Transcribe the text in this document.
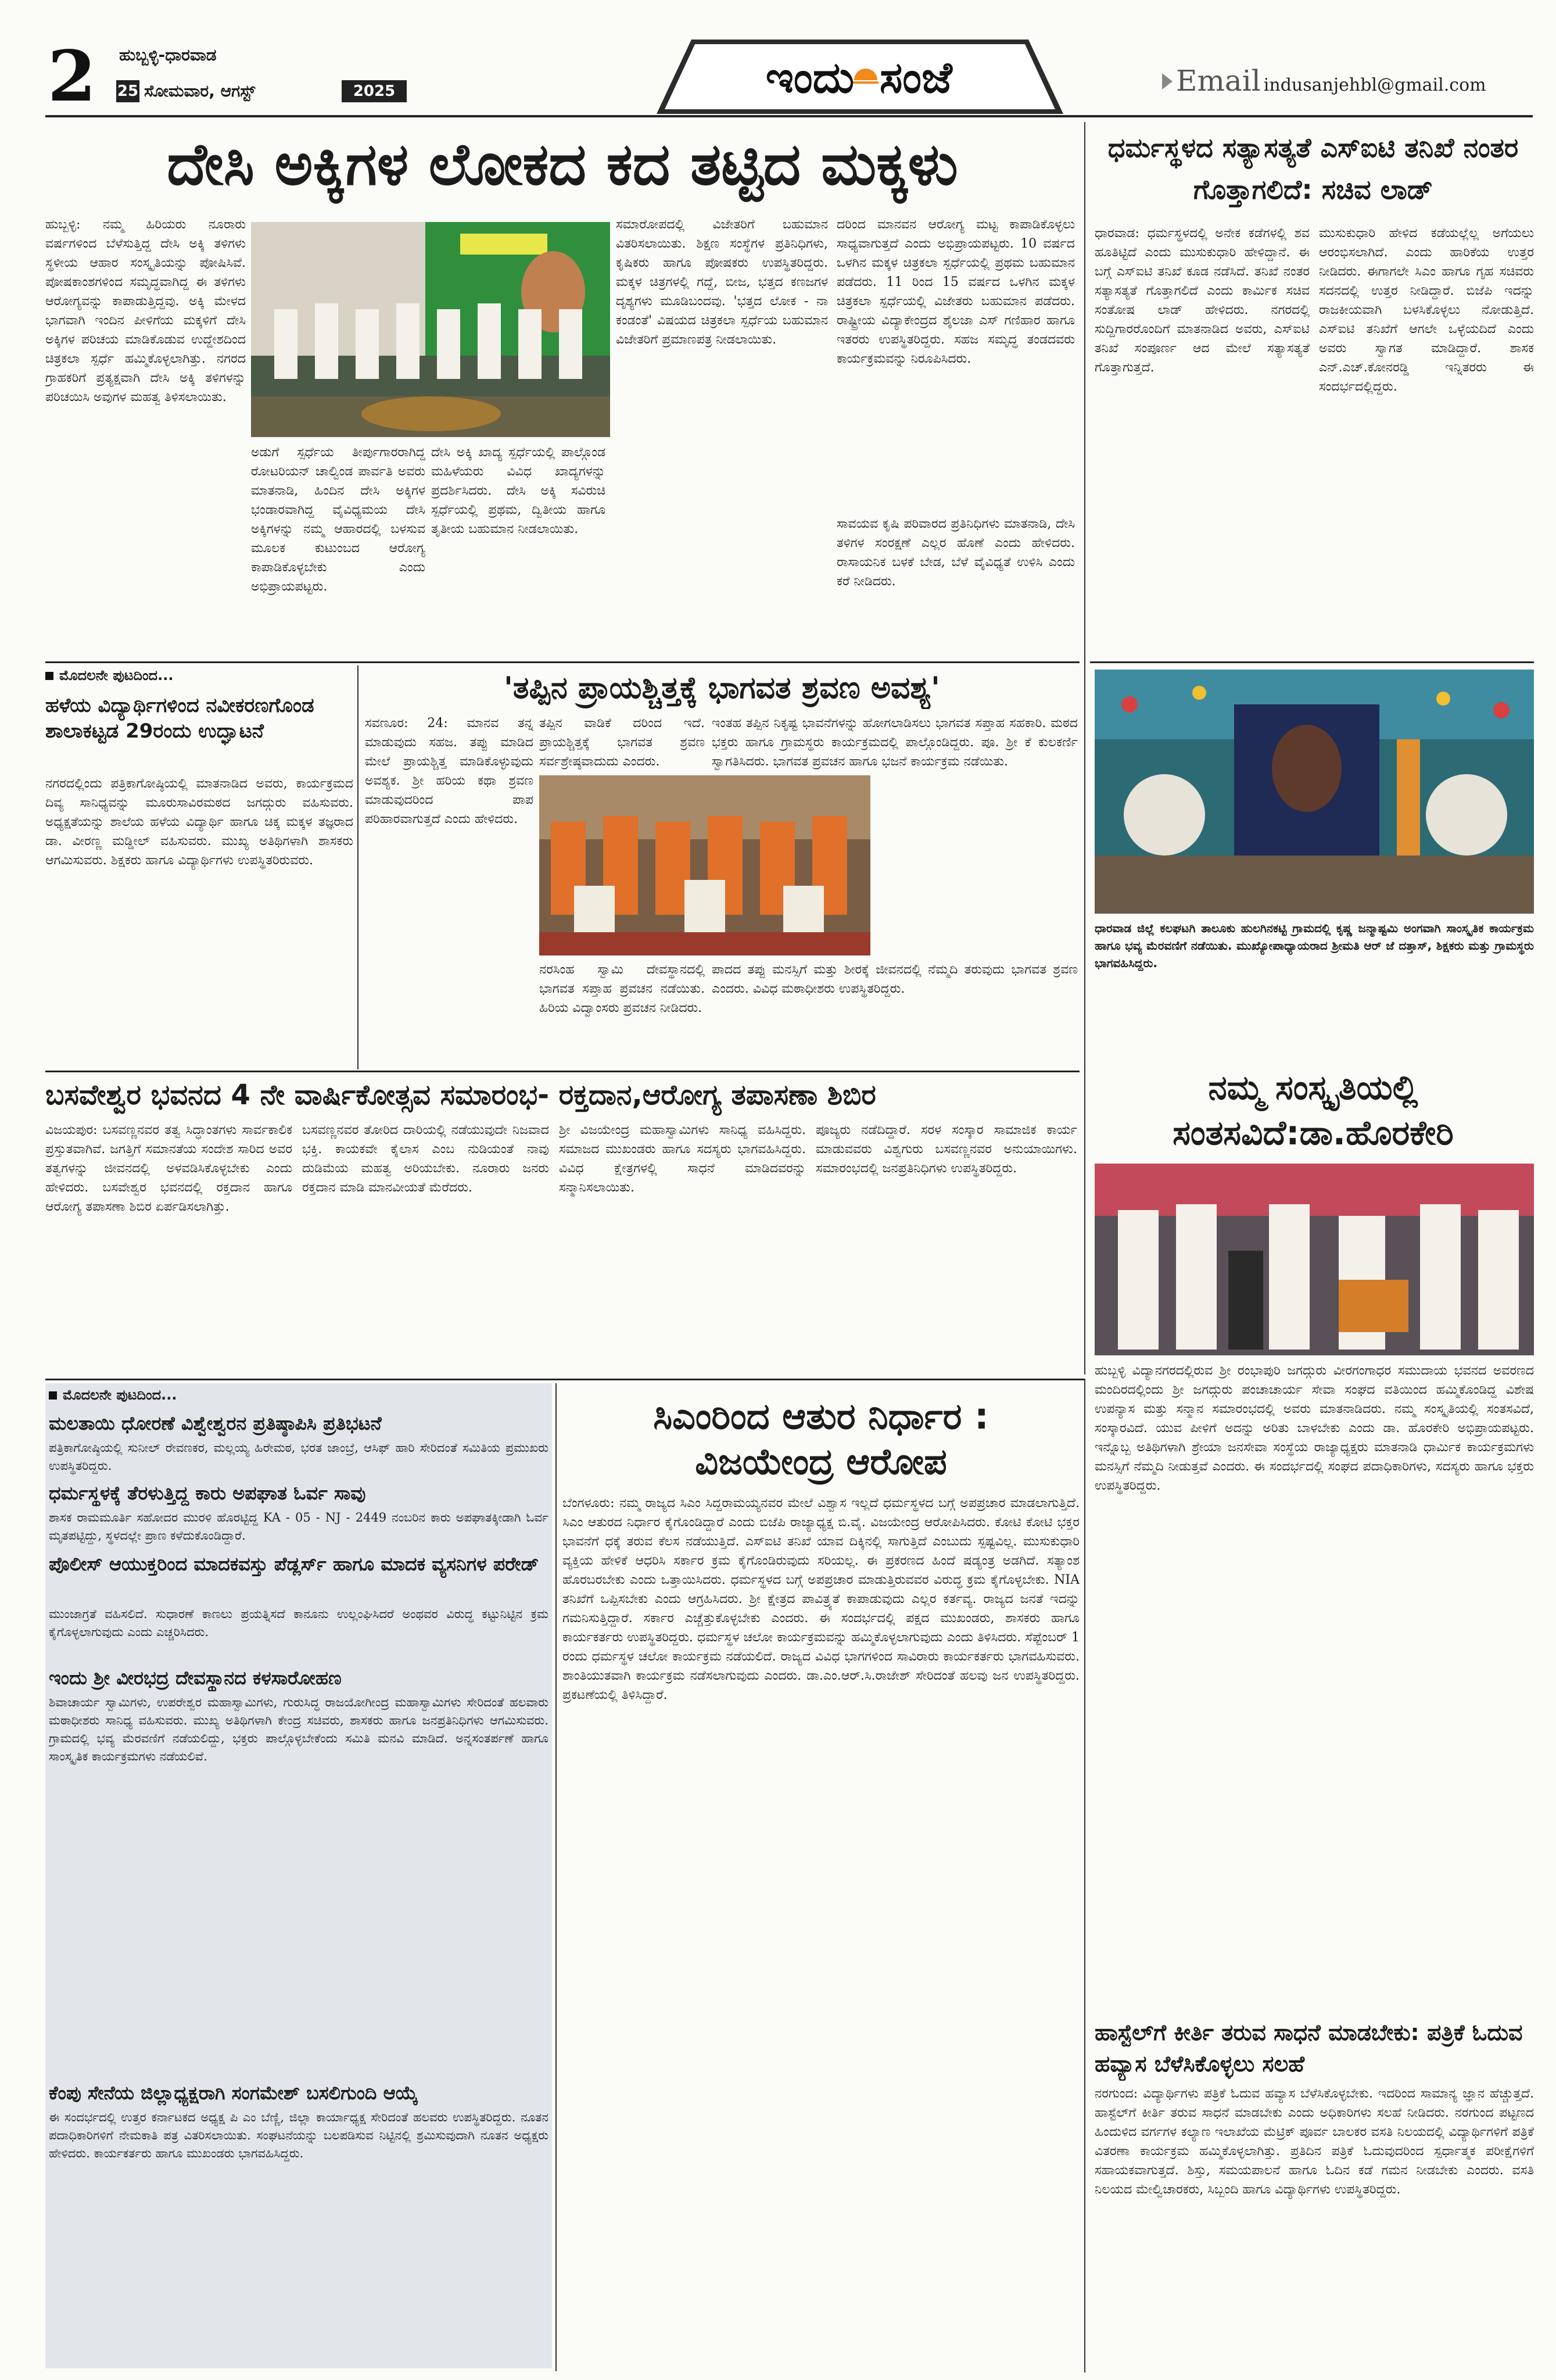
2	ಹುಬ್ಬಳ್ಳಿ-ಧಾರವಾಡ
25 ಸೋಮವಾರ, ಆಗಸ್ಟ್	2025	ಇಂದು ಸಂಜೆ	Email indusanjehbl@gmail.com
ದೇಸಿ ಅಕ್ಕಿಗಳ ಲೋಕದ ಕದ ತಟ್ಟಿದ ಮಕ್ಕಳು
ಹುಬ್ಬಳ್ಳಿ: ನಮ್ಮ ಹಿರಿಯರು ನೂರಾರು ವರ್ಷಗಳಿಂದ ಬೆಳೆಸುತ್ತಿದ್ದ ದೇಸಿ ಅಕ್ಕಿ ತಳಿಗಳು ಸ್ಥಳೀಯ ಆಹಾರ ಸಂಸ್ಕೃತಿಯನ್ನು ಪೋಷಿಸಿವೆ. ಪೋಷಕಾಂಶಗಳಿಂದ ಸಮೃದ್ಧವಾಗಿದ್ದ ಈ ತಳಿಗಳು ಆರೋಗ್ಯವನ್ನು ಕಾಪಾಡುತ್ತಿದ್ದವು. ಅಕ್ಕಿ ಮೇಳದ ಭಾಗವಾಗಿ ಇಂದಿನ ಪೀಳಿಗೆಯ ಮಕ್ಕಳಿಗೆ ದೇಸಿ ಅಕ್ಕಿಗಳ ಪರಿಚಯ ಮಾಡಿಕೊಡುವ ಉದ್ದೇಶದಿಂದ ಚಿತ್ರಕಲಾ ಸ್ಪರ್ಧೆ ಹಮ್ಮಿಕೊಳ್ಳಲಾಗಿತ್ತು. ನಗರದ ಗ್ರಾಹಕರಿಗೆ ಪ್ರತ್ಯಕ್ಷವಾಗಿ ದೇಸಿ ಅಕ್ಕಿ ತಳಿಗಳನ್ನು ಪರಿಚಯಿಸಿ ಅವುಗಳ ಮಹತ್ವ ತಿಳಿಸಲಾಯಿತು.
ಅಡುಗೆ ಸ್ಪರ್ಧೆಯ ತೀರ್ಪುಗಾರರಾಗಿದ್ದ ರೋಟರಿಯನ್ ಚಾಲ್ವಿಂಡ ಪಾರ್ವತಿ ಅವರು ಮಾತನಾಡಿ, ಹಿಂದಿನ ದೇಸಿ ಅಕ್ಕಿಗಳ ಭಂಡಾರವಾಗಿದ್ದ ವೈವಿಧ್ಯಮಯ ದೇಸಿ ಅಕ್ಕಿಗಳನ್ನು ನಮ್ಮ ಆಹಾರದಲ್ಲಿ ಬಳಸುವ ಮೂಲಕ ಕುಟುಂಬದ ಆರೋಗ್ಯ ಕಾಪಾಡಿಕೊಳ್ಳಬೇಕು ಎಂದು ಅಭಿಪ್ರಾಯಪಟ್ಟರು.
ದೇಸಿ ಅಕ್ಕಿ ಖಾದ್ಯ ಸ್ಪರ್ಧೆಯಲ್ಲಿ ಪಾಲ್ಗೊಂಡ ಮಹಿಳೆಯರು ವಿವಿಧ ಖಾದ್ಯಗಳನ್ನು ಪ್ರದರ್ಶಿಸಿದರು. ದೇಸಿ ಅಕ್ಕಿ ಸವಿರುಚಿ ಸ್ಪರ್ಧೆಯಲ್ಲಿ ಪ್ರಥಮ, ದ್ವಿತೀಯ ಹಾಗೂ ತೃತೀಯ ಬಹುಮಾನ ನೀಡಲಾಯಿತು.
ಸಮಾರೋಪದಲ್ಲಿ ವಿಜೇತರಿಗೆ ಬಹುಮಾನ ವಿತರಿಸಲಾಯಿತು. ಶಿಕ್ಷಣ ಸಂಸ್ಥೆಗಳ ಪ್ರತಿನಿಧಿಗಳು, ಕೃಷಿಕರು ಹಾಗೂ ಪೋಷಕರು ಉಪಸ್ಥಿತರಿದ್ದರು. ಮಕ್ಕಳ ಚಿತ್ರಗಳಲ್ಲಿ ಗದ್ದೆ, ಬೀಜ, ಭತ್ತದ ಕಣಜಗಳ ದೃಶ್ಯಗಳು ಮೂಡಿಬಂದವು. 'ಭತ್ತದ ಲೋಕ - ನಾ ಕಂಡಂತೆ' ವಿಷಯದ ಚಿತ್ರಕಲಾ ಸ್ಪರ್ಧೆಯ ಬಹುಮಾನ ವಿಜೇತರಿಗೆ ಪ್ರಮಾಣಪತ್ರ ನೀಡಲಾಯಿತು.
ದರಿಂದ ಮಾನವನ ಆರೋಗ್ಯ ಮಟ್ಟ ಕಾಪಾಡಿಕೊಳ್ಳಲು ಸಾಧ್ಯವಾಗುತ್ತದೆ ಎಂದು ಅಭಿಪ್ರಾಯಪಟ್ಟರು. 10 ವರ್ಷದ ಒಳಗಿನ ಮಕ್ಕಳ ಚಿತ್ರಕಲಾ ಸ್ಪರ್ಧೆಯಲ್ಲಿ ಪ್ರಥಮ ಬಹುಮಾನ ಪಡೆದರು. 11 ರಿಂದ 15 ವರ್ಷದ ಒಳಗಿನ ಮಕ್ಕಳ ಚಿತ್ರಕಲಾ ಸ್ಪರ್ಧೆಯಲ್ಲಿ ವಿಜೇತರು ಬಹುಮಾನ ಪಡೆದರು. ರಾಷ್ಟ್ರೀಯ ವಿದ್ಯಾಕೇಂದ್ರದ ಶೈಲಜಾ ಎಸ್ ಗಣಿಹಾರ ಹಾಗೂ ಇತರರು ಉಪಸ್ಥಿತರಿದ್ದರು. ಸಹಜ ಸಮೃದ್ಧ ತಂಡದವರು ಕಾರ್ಯಕ್ರಮವನ್ನು ನಿರೂಪಿಸಿದರು.
ಸಾವಯವ ಕೃಷಿ ಪರಿವಾರದ ಪ್ರತಿನಿಧಿಗಳು ಮಾತನಾಡಿ, ದೇಸಿ ತಳಿಗಳ ಸಂರಕ್ಷಣೆ ಎಲ್ಲರ ಹೊಣೆ ಎಂದು ಹೇಳಿದರು. ರಾಸಾಯನಿಕ ಬಳಕೆ ಬೇಡ, ಬೆಳೆ ವೈವಿಧ್ಯತೆ ಉಳಿಸಿ ಎಂದು ಕರೆ ನೀಡಿದರು.
ಧರ್ಮಸ್ಥಳದ ಸತ್ಯಾಸತ್ಯತೆ ಎಸ್‌ಐಟಿ ತನಿಖೆ ನಂತರ ಗೊತ್ತಾಗಲಿದೆ: ಸಚಿವ ಲಾಡ್
ಧಾರವಾಡ: ಧರ್ಮಸ್ಥಳದಲ್ಲಿ ಅನೇಕ ಕಡೆಗಳಲ್ಲಿ ಶವ ಹೂತಿಟ್ಟಿದೆ ಎಂದು ಮುಸುಕುಧಾರಿ ಹೇಳಿದ್ದಾನೆ. ಈ ಬಗ್ಗೆ ಎಸ್‌ಐಟಿ ತನಿಖೆ ಕೂಡ ನಡೆಸಿದೆ. ತನಿಖೆ ನಂತರ ಸತ್ಯಾಸತ್ಯತೆ ಗೊತ್ತಾಗಲಿದೆ ಎಂದು ಕಾರ್ಮಿಕ ಸಚಿವ ಸಂತೋಷ ಲಾಡ್ ಹೇಳಿದರು. ನಗರದಲ್ಲಿ ಸುದ್ದಿಗಾರರೊಂದಿಗೆ ಮಾತನಾಡಿದ ಅವರು, ಎಸ್‌ಐಟಿ ತನಿಖೆ ಸಂಪೂರ್ಣ ಆದ ಮೇಲೆ ಸತ್ಯಾಸತ್ಯತೆ ಗೊತ್ತಾಗುತ್ತದೆ.
ಮುಸುಕುಧಾರಿ ಹೇಳಿದ ಕಡೆಯಲ್ಲೆಲ್ಲ ಅಗೆಯಲು ಆರಂಭಿಸಲಾಗಿದೆ. ಎಂದು ಹಾರಿಕೆಯ ಉತ್ತರ ನೀಡಿದರು. ಈಗಾಗಲೇ ಸಿಎಂ ಹಾಗೂ ಗೃಹ ಸಚಿವರು ಸದನದಲ್ಲಿ ಉತ್ತರ ನೀಡಿದ್ದಾರೆ. ಬಿಜೆಪಿ ಇದನ್ನು ರಾಜಕೀಯವಾಗಿ ಬಳಸಿಕೊಳ್ಳಲು ನೋಡುತ್ತಿದೆ. ಎಸ್‌ಐಟಿ ತನಿಖೆಗೆ ಆಗಲೇ ಒಳ್ಳೆಯದಿದೆ ಎಂದು ಅವರು ಸ್ವಾಗತ ಮಾಡಿದ್ದಾರೆ. ಶಾಸಕ ಎನ್.ಎಚ್.ಕೋನರಡ್ಡಿ ಇನ್ನಿತರರು ಈ ಸಂದರ್ಭದಲ್ಲಿದ್ದರು.
ಧಾರವಾಡ ಜಿಲ್ಲೆ ಕಲಘಟಗಿ ತಾಲೂಕು ಹುಲಗಿನಕಟ್ಟಿ ಗ್ರಾಮದಲ್ಲಿ ಕೃಷ್ಣ ಜನ್ಮಾಷ್ಟಮಿ ಅಂಗವಾಗಿ ಸಾಂಸ್ಕೃತಿಕ ಕಾರ್ಯಕ್ರಮ ಹಾಗೂ ಭವ್ಯ ಮೆರವಣಿಗೆ ನಡೆಯಿತು. ಮುಖ್ಯೋಪಾಧ್ಯಾಯರಾದ ಶ್ರೀಮತಿ ಆರ್ ಜೆ ದತ್ತಾಸ್, ಶಿಕ್ಷಕರು ಮತ್ತು ಗ್ರಾಮಸ್ಥರು ಭಾಗವಹಿಸಿದ್ದರು.
ಮೊದಲನೇ ಪುಟದಿಂದ...
ಹಳೆಯ ವಿದ್ಯಾರ್ಥಿಗಳಿಂದ ನವೀಕರಣಗೊಂಡ ಶಾಲಾಕಟ್ಟಡ 29ರಂದು ಉದ್ಘಾಟನೆ
ನಗರದಲ್ಲಿಂದು ಪತ್ರಿಕಾಗೋಷ್ಠಿಯಲ್ಲಿ ಮಾತನಾಡಿದ ಅವರು, ಕಾರ್ಯಕ್ರಮದ ದಿವ್ಯ ಸಾನಿಧ್ಯವನ್ನು ಮೂರುಸಾವಿರಮಠದ ಜಗದ್ಗುರು ವಹಿಸುವರು. ಅಧ್ಯಕ್ಷತೆಯನ್ನು ಶಾಲೆಯ ಹಳೆಯ ವಿದ್ಯಾರ್ಥಿ ಹಾಗೂ ಚಿಕ್ಕ ಮಕ್ಕಳ ತಜ್ಞರಾದ ಡಾ. ವೀರಣ್ಣ ಮಡ್ಡೀಲ್ ವಹಿಸುವರು. ಮುಖ್ಯ ಅತಿಥಿಗಳಾಗಿ ಶಾಸಕರು ಆಗಮಿಸುವರು. ಶಿಕ್ಷಕರು ಹಾಗೂ ವಿದ್ಯಾರ್ಥಿಗಳು ಉಪಸ್ಥಿತರಿರುವರು.
'ತಪ್ಪಿನ ಪ್ರಾಯಶ್ಚಿತ್ತಕ್ಕೆ ಭಾಗವತ ಶ್ರವಣ ಅವಶ್ಯ'
ಸವಣೂರ: 24: ಮಾನವ ತನ್ನ ಮಾಡುವುದು ಸಹಜ. ತಪ್ಪು ಮಾಡಿದ ಮೇಲೆ ಪ್ರಾಯಶ್ಚಿತ್ತ ಮಾಡಿಕೊಳ್ಳುವುದು ಅವಶ್ಯಕ. ಶ್ರೀ ಹರಿಯ ಕಥಾ ಶ್ರವಣ ಮಾಡುವುದರಿಂದ ಪಾಪ ಪರಿಹಾರವಾಗುತ್ತದೆ ಎಂದು ಹೇಳಿದರು.
ತಪ್ಪಿನ ವಾಡಿಕೆ ದರಿಂದ ಇದೆ. ಪ್ರಾಯಶ್ಚಿತ್ತಕ್ಕೆ ಭಾಗವತ ಶ್ರವಣ ಸರ್ವಶ್ರೇಷ್ಠವಾದುದು ಎಂದರು.
ಇಂತಹ ತಪ್ಪಿನ ನಿಕೃಷ್ಟ ಭಾವನೆಗಳನ್ನು ಹೋಗಲಾಡಿಸಲು ಭಾಗವತ ಸಪ್ತಾಹ ಸಹಕಾರಿ. ಮಠದ ಭಕ್ತರು ಹಾಗೂ ಗ್ರಾಮಸ್ಥರು ಕಾರ್ಯಕ್ರಮದಲ್ಲಿ ಪಾಲ್ಗೊಂಡಿದ್ದರು. ಪೂ. ಶ್ರೀ ಕೆ ಕುಲಕರ್ಣಿ ಸ್ವಾಗತಿಸಿದರು. ಭಾಗವತ ಪ್ರವಚನ ಹಾಗೂ ಭಜನೆ ಕಾರ್ಯಕ್ರಮ ನಡೆಯಿತು.
ನರಸಿಂಹ ಸ್ವಾಮಿ ದೇವಸ್ಥಾನದಲ್ಲಿ ಭಾಗವತ ಸಪ್ತಾಹ ಪ್ರವಚನ ನಡೆಯಿತು. ಹಿರಿಯ ವಿದ್ವಾಂಸರು ಪ್ರವಚನ ನೀಡಿದರು.
ಪಾದದ ತಪ್ಪು ಮನಸ್ಸಿಗೆ ಮತ್ತು ಶೀರಕ್ಕೆ ಜೀವನದಲ್ಲಿ ನೆಮ್ಮದಿ ತರುವುದು ಭಾಗವತ ಶ್ರವಣ ಎಂದರು. ವಿವಿಧ ಮಠಾಧೀಶರು ಉಪಸ್ಥಿತರಿದ್ದರು.
ಬಸವೇಶ್ವರ ಭವನದ 4 ನೇ ವಾರ್ಷಿಕೋತ್ಸವ ಸಮಾರಂಭ- ರಕ್ತದಾನ,ಆರೋಗ್ಯ ತಪಾಸಣಾ ಶಿಬಿರ
ವಿಜಯಪುರ: ಬಸವಣ್ಣನವರ ತತ್ವ ಸಿದ್ಧಾಂತಗಳು ಸಾರ್ವಕಾಲಿಕ ಪ್ರಸ್ತುತವಾಗಿವೆ. ಜಗತ್ತಿಗೆ ಸಮಾನತೆಯ ಸಂದೇಶ ಸಾರಿದ ಅವರ ತತ್ವಗಳನ್ನು ಜೀವನದಲ್ಲಿ ಅಳವಡಿಸಿಕೊಳ್ಳಬೇಕು ಎಂದು ಹೇಳಿದರು. ಬಸವೇಶ್ವರ ಭವನದಲ್ಲಿ ರಕ್ತದಾನ ಹಾಗೂ ಆರೋಗ್ಯ ತಪಾಸಣಾ ಶಿಬಿರ ಏರ್ಪಡಿಸಲಾಗಿತ್ತು.
ಬಸವಣ್ಣನವರ ತೋರಿದ ದಾರಿಯಲ್ಲಿ ನಡೆಯುವುದೇ ನಿಜವಾದ ಭಕ್ತಿ. ಕಾಯಕವೇ ಕೈಲಾಸ ಎಂಬ ನುಡಿಯಂತೆ ನಾವು ದುಡಿಮೆಯ ಮಹತ್ವ ಅರಿಯಬೇಕು. ನೂರಾರು ಜನರು ರಕ್ತದಾನ ಮಾಡಿ ಮಾನವೀಯತೆ ಮೆರೆದರು.
ಶ್ರೀ ವಿಜಯೇಂದ್ರ ಮಹಾಸ್ವಾಮಿಗಳು ಸಾನಿಧ್ಯ ವಹಿಸಿದ್ದರು. ಸಮಾಜದ ಮುಖಂಡರು ಹಾಗೂ ಸದಸ್ಯರು ಭಾಗವಹಿಸಿದ್ದರು. ವಿವಿಧ ಕ್ಷೇತ್ರಗಳಲ್ಲಿ ಸಾಧನೆ ಮಾಡಿದವರನ್ನು ಸನ್ಮಾನಿಸಲಾಯಿತು.
ಪೂಜ್ಯರು ನಡೆದಿದ್ದಾರೆ. ಸರಳ ಸಂಸ್ಕಾರ ಸಾಮಾಜಿಕ ಕಾರ್ಯ ಮಾಡುವವರು ವಿಶ್ವಗುರು ಬಸವಣ್ಣನವರ ಅನುಯಾಯಿಗಳು. ಸಮಾರಂಭದಲ್ಲಿ ಜನಪ್ರತಿನಿಧಿಗಳು ಉಪಸ್ಥಿತರಿದ್ದರು.
ನಮ್ಮ ಸಂಸ್ಕೃತಿಯಲ್ಲಿ ಸಂತಸವಿದೆ:ಡಾ.ಹೊರಕೇರಿ
ಹುಬ್ಬಳ್ಳಿ ವಿದ್ಯಾನಗರದಲ್ಲಿರುವ ಶ್ರೀ ರಂಭಾಪುರಿ ಜಗದ್ಗುರು ವೀರಗಂಗಾಧರ ಸಮುದಾಯ ಭವನದ ಅವರಣದ ಮಂದಿರದಲ್ಲಿಂದು ಶ್ರೀ ಜಗದ್ಗುರು ಪಂಚಾಚಾರ್ಯ ಸೇವಾ ಸಂಘದ ವತಿಯಿಂದ ಹಮ್ಮಿಕೊಂಡಿದ್ದ ವಿಶೇಷ ಉಪನ್ಯಾಸ ಮತ್ತು ಸನ್ಮಾನ ಸಮಾರಂಭದಲ್ಲಿ ಅವರು ಮಾತನಾಡಿದರು. ನಮ್ಮ ಸಂಸ್ಕೃತಿಯಲ್ಲಿ ಸಂತಸವಿದೆ, ಸಂಸ್ಕಾರವಿದೆ. ಯುವ ಪೀಳಿಗೆ ಅದನ್ನು ಅರಿತು ಬಾಳಬೇಕು ಎಂದು ಡಾ. ಹೊರಕೇರಿ ಅಭಿಪ್ರಾಯಪಟ್ಟರು. ಇನ್ನೊಬ್ಬ ಅತಿಥಿಗಳಾಗಿ ಶ್ರೇಯಾ ಜನಸೇವಾ ಸಂಸ್ಥೆಯ ರಾಜ್ಯಾಧ್ಯಕ್ಷರು ಮಾತನಾಡಿ ಧಾರ್ಮಿಕ ಕಾರ್ಯಕ್ರಮಗಳು ಮನಸ್ಸಿಗೆ ನೆಮ್ಮದಿ ನೀಡುತ್ತವೆ ಎಂದರು. ಈ ಸಂದರ್ಭದಲ್ಲಿ ಸಂಘದ ಪದಾಧಿಕಾರಿಗಳು, ಸದಸ್ಯರು ಹಾಗೂ ಭಕ್ತರು ಉಪಸ್ಥಿತರಿದ್ದರು.
ಹಾಸ್ಟೆಲ್‌ಗೆ ಕೀರ್ತಿ ತರುವ ಸಾಧನೆ ಮಾಡಬೇಕು: ಪತ್ರಿಕೆ ಓದುವ ಹವ್ಯಾಸ ಬೆಳೆಸಿಕೊಳ್ಳಲು ಸಲಹೆ
ನರಗುಂದ: ವಿದ್ಯಾರ್ಥಿಗಳು ಪತ್ರಿಕೆ ಓದುವ ಹವ್ಯಾಸ ಬೆಳೆಸಿಕೊಳ್ಳಬೇಕು. ಇದರಿಂದ ಸಾಮಾನ್ಯ ಜ್ಞಾನ ಹೆಚ್ಚುತ್ತದೆ. ಹಾಸ್ಟೆಲ್‌ಗೆ ಕೀರ್ತಿ ತರುವ ಸಾಧನೆ ಮಾಡಬೇಕು ಎಂದು ಅಧಿಕಾರಿಗಳು ಸಲಹೆ ನೀಡಿದರು. ನರಗುಂದ ಪಟ್ಟಣದ ಹಿಂದುಳಿದ ವರ್ಗಗಳ ಕಲ್ಯಾಣ ಇಲಾಖೆಯ ಮೆಟ್ರಿಕ್ ಪೂರ್ವ ಬಾಲಕರ ವಸತಿ ನಿಲಯದಲ್ಲಿ ವಿದ್ಯಾರ್ಥಿಗಳಿಗೆ ಪತ್ರಿಕೆ ವಿತರಣಾ ಕಾರ್ಯಕ್ರಮ ಹಮ್ಮಿಕೊಳ್ಳಲಾಗಿತ್ತು. ಪ್ರತಿದಿನ ಪತ್ರಿಕೆ ಓದುವುದರಿಂದ ಸ್ಪರ್ಧಾತ್ಮಕ ಪರೀಕ್ಷೆಗಳಿಗೆ ಸಹಾಯಕವಾಗುತ್ತದೆ. ಶಿಸ್ತು, ಸಮಯಪಾಲನೆ ಹಾಗೂ ಓದಿನ ಕಡೆ ಗಮನ ನೀಡಬೇಕು ಎಂದರು. ವಸತಿ ನಿಲಯದ ಮೇಲ್ವಿಚಾರಕರು, ಸಿಬ್ಬಂದಿ ಹಾಗೂ ವಿದ್ಯಾರ್ಥಿಗಳು ಉಪಸ್ಥಿತರಿದ್ದರು.
ಮೊದಲನೇ ಪುಟದಿಂದ...
ಮಲತಾಯಿ ಧೋರಣೆ ವಿಶ್ವೇಶ್ವರನ ಪ್ರತಿಷ್ಠಾಪಿಸಿ ಪ್ರತಿಭಟನೆ
ಪತ್ರಿಕಾಗೋಷ್ಠಿಯಲ್ಲಿ ಸುನೀಲ್ ರೇವಣಕರ, ಮಲ್ಲಯ್ಯ ಹಿರೇಮಠ, ಭರತ ಜಾಂಬ್ರೆ, ಆಸಿಫ್ ಹಾರಿ ಸೇರಿದಂತೆ ಸಮಿತಿಯ ಪ್ರಮುಖರು ಉಪಸ್ಥಿತರಿದ್ದರು.
ಧರ್ಮಸ್ಥಳಕ್ಕೆ ತೆರಳುತ್ತಿದ್ದ ಕಾರು ಅಪಘಾತ ಓರ್ವ ಸಾವು
ಶಾಸಕ ರಾಮಮೂರ್ತಿ ಸಹೋದರ ಮುರಳಿ ಹೊರಟ್ಟಿದ್ದ KA - 05 - NJ - 2449 ನಂಬರಿನ ಕಾರು ಅಪಘಾತಕ್ಕೀಡಾಗಿ ಓರ್ವ ಮೃತಪಟ್ಟಿದ್ದು, ಸ್ಥಳದಲ್ಲೇ ಪ್ರಾಣ ಕಳೆದುಕೊಂಡಿದ್ದಾರೆ.
ಪೊಲೀಸ್ ಆಯುಕ್ತರಿಂದ ಮಾದಕವಸ್ತು ಪೆಡ್ಲರ್ಸ್ ಹಾಗೂ ಮಾದಕ ವ್ಯಸನಿಗಳ ಪರೇಡ್
ಮುಂಜಾಗ್ರತೆ ವಹಿಸಲಿದೆ. ಸುಧಾರಣೆ ಕಾಣಲು ಪ್ರಯತ್ನಿಸದೆ ಕಾನೂನು ಉಲ್ಲಂಘಿಸಿದರೆ ಅಂಥವರ ವಿರುದ್ಧ ಕಟ್ಟುನಿಟ್ಟಿನ ಕ್ರಮ ಕೈಗೊಳ್ಳಲಾಗುವುದು ಎಂದು ಎಚ್ಚರಿಸಿದರು.
ಇಂದು ಶ್ರೀ ವೀರಭದ್ರ ದೇವಸ್ಥಾನದ ಕಳಸಾರೋಹಣ
ಶಿವಾಚಾರ್ಯ ಸ್ವಾಮಿಗಳು, ಉಪರೇಶ್ವರ ಮಹಾಸ್ವಾಮಿಗಳು, ಗುರುಸಿದ್ಧ ರಾಜಯೋಗೀಂದ್ರ ಮಹಾಸ್ವಾಮಿಗಳು ಸೇರಿದಂತೆ ಹಲವಾರು ಮಠಾಧೀಶರು ಸಾನಿಧ್ಯ ವಹಿಸುವರು. ಮುಖ್ಯ ಅತಿಥಿಗಳಾಗಿ ಕೇಂದ್ರ ಸಚಿವರು, ಶಾಸಕರು ಹಾಗೂ ಜನಪ್ರತಿನಿಧಿಗಳು ಆಗಮಿಸುವರು. ಗ್ರಾಮದಲ್ಲಿ ಭವ್ಯ ಮೆರವಣಿಗೆ ನಡೆಯಲಿದ್ದು, ಭಕ್ತರು ಪಾಲ್ಗೊಳ್ಳಬೇಕೆಂದು ಸಮಿತಿ ಮನವಿ ಮಾಡಿದೆ. ಅನ್ನಸಂತರ್ಪಣೆ ಹಾಗೂ ಸಾಂಸ್ಕೃತಿಕ ಕಾರ್ಯಕ್ರಮಗಳು ನಡೆಯಲಿವೆ.
ಕೆಂಪು ಸೇನೆಯ ಜಿಲ್ಲಾಧ್ಯಕ್ಷರಾಗಿ ಸಂಗಮೇಶ್ ಬಸಲಿಗುಂದಿ ಆಯ್ಕೆ
ಈ ಸಂದರ್ಭದಲ್ಲಿ ಉತ್ತರ ಕರ್ನಾಟಕದ ಅಧ್ಯಕ್ಷ ಪಿ ಎಂ ಬೆಣ್ಣಿ, ಜಿಲ್ಲಾ ಕಾರ್ಯಾಧ್ಯಕ್ಷ ಸೇರಿದಂತೆ ಹಲವರು ಉಪಸ್ಥಿತರಿದ್ದರು. ನೂತನ ಪದಾಧಿಕಾರಿಗಳಿಗೆ ನೇಮಕಾತಿ ಪತ್ರ ವಿತರಿಸಲಾಯಿತು. ಸಂಘಟನೆಯನ್ನು ಬಲಪಡಿಸುವ ನಿಟ್ಟಿನಲ್ಲಿ ಶ್ರಮಿಸುವುದಾಗಿ ನೂತನ ಅಧ್ಯಕ್ಷರು ಹೇಳಿದರು. ಕಾರ್ಯಕರ್ತರು ಹಾಗೂ ಮುಖಂಡರು ಭಾಗವಹಿಸಿದ್ದರು.
ಸಿಎಂರಿಂದ ಆತುರ ನಿರ್ಧಾರ :
ವಿಜಯೇಂದ್ರ ಆರೋಪ
ಬೆಂಗಳೂರು: ನಮ್ಮ ರಾಜ್ಯದ ಸಿಎಂ ಸಿದ್ದರಾಮಯ್ಯನವರ ಮೇಲೆ ವಿಶ್ವಾಸ ಇಲ್ಲದೆ ಧರ್ಮಸ್ಥಳದ ಬಗ್ಗೆ ಅಪಪ್ರಚಾರ ಮಾಡಲಾಗುತ್ತಿದೆ. ಸಿಎಂ ಆತುರದ ನಿರ್ಧಾರ ಕೈಗೊಂಡಿದ್ದಾರೆ ಎಂದು ಬಿಜೆಪಿ ರಾಜ್ಯಾಧ್ಯಕ್ಷ ಬಿ.ವೈ. ವಿಜಯೇಂದ್ರ ಆರೋಪಿಸಿದರು. ಕೋಟಿ ಕೋಟಿ ಭಕ್ತರ ಭಾವನೆಗೆ ಧಕ್ಕೆ ತರುವ ಕೆಲಸ ನಡೆಯುತ್ತಿದೆ. ಎಸ್‌ಐಟಿ ತನಿಖೆ ಯಾವ ದಿಕ್ಕಿನಲ್ಲಿ ಸಾಗುತ್ತಿದೆ ಎಂಬುದು ಸ್ಪಷ್ಟವಿಲ್ಲ. ಮುಸುಕುಧಾರಿ ವ್ಯಕ್ತಿಯ ಹೇಳಿಕೆ ಆಧರಿಸಿ ಸರ್ಕಾರ ಕ್ರಮ ಕೈಗೊಂಡಿರುವುದು ಸರಿಯಲ್ಲ. ಈ ಪ್ರಕರಣದ ಹಿಂದೆ ಷಡ್ಯಂತ್ರ ಅಡಗಿದೆ. ಸತ್ಯಾಂಶ ಹೊರಬರಬೇಕು ಎಂದು ಒತ್ತಾಯಿಸಿದರು. ಧರ್ಮಸ್ಥಳದ ಬಗ್ಗೆ ಅಪಪ್ರಚಾರ ಮಾಡುತ್ತಿರುವವರ ವಿರುದ್ಧ ಕ್ರಮ ಕೈಗೊಳ್ಳಬೇಕು. NIA ತನಿಖೆಗೆ ಒಪ್ಪಿಸಬೇಕು ಎಂದು ಆಗ್ರಹಿಸಿದರು. ಶ್ರೀ ಕ್ಷೇತ್ರದ ಪಾವಿತ್ರ್ಯತೆ ಕಾಪಾಡುವುದು ಎಲ್ಲರ ಕರ್ತವ್ಯ. ರಾಜ್ಯದ ಜನತೆ ಇದನ್ನು ಗಮನಿಸುತ್ತಿದ್ದಾರೆ. ಸರ್ಕಾರ ಎಚ್ಚೆತ್ತುಕೊಳ್ಳಬೇಕು ಎಂದರು. ಈ ಸಂದರ್ಭದಲ್ಲಿ ಪಕ್ಷದ ಮುಖಂಡರು, ಶಾಸಕರು ಹಾಗೂ ಕಾರ್ಯಕರ್ತರು ಉಪಸ್ಥಿತರಿದ್ದರು. ಧರ್ಮಸ್ಥಳ ಚಲೋ ಕಾರ್ಯಕ್ರಮವನ್ನು ಹಮ್ಮಿಕೊಳ್ಳಲಾಗುವುದು ಎಂದು ತಿಳಿಸಿದರು. ಸೆಪ್ಟೆಂಬರ್ 1 ರಂದು ಧರ್ಮಸ್ಥಳ ಚಲೋ ಕಾರ್ಯಕ್ರಮ ನಡೆಯಲಿದೆ. ರಾಜ್ಯದ ವಿವಿಧ ಭಾಗಗಳಿಂದ ಸಾವಿರಾರು ಕಾರ್ಯಕರ್ತರು ಭಾಗವಹಿಸುವರು. ಶಾಂತಿಯುತವಾಗಿ ಕಾರ್ಯಕ್ರಮ ನಡೆಸಲಾಗುವುದು ಎಂದರು. ಡಾ.ಎಂ.ಆರ್.ಸಿ.ರಾಜೇಶ್ ಸೇರಿದಂತೆ ಹಲವು ಜನ ಉಪಸ್ಥಿತರಿದ್ದರು. ಪ್ರಕಟಣೆಯಲ್ಲಿ ತಿಳಿಸಿದ್ದಾರೆ.
